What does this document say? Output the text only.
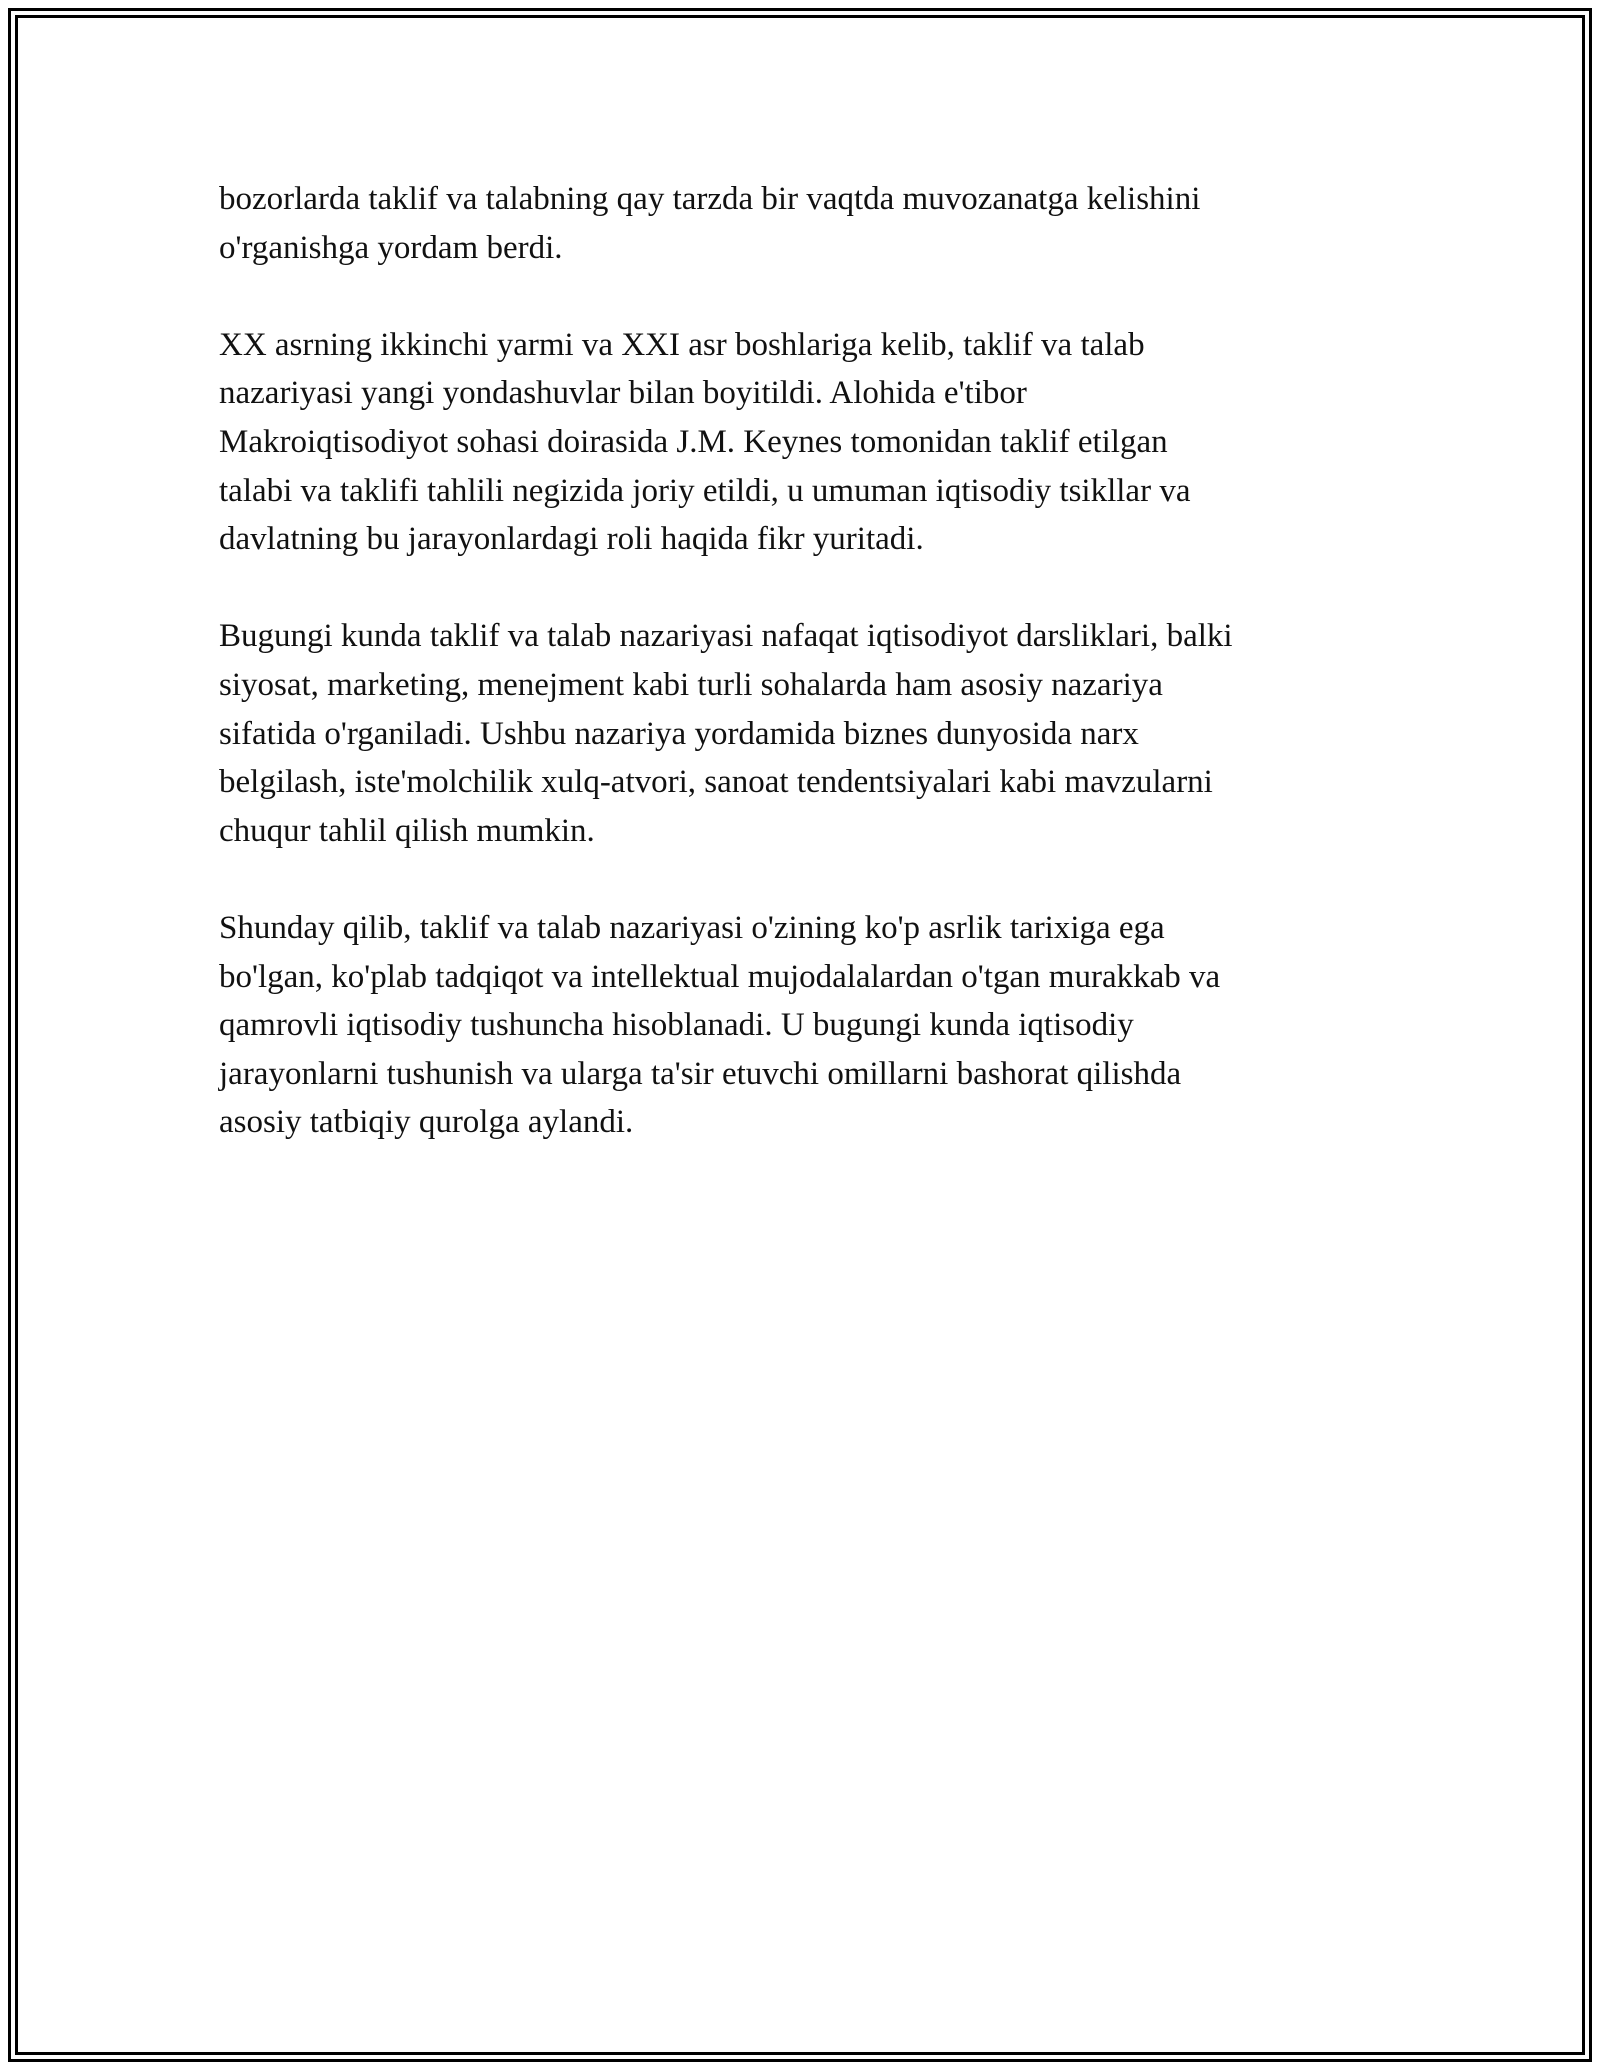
bozorlarda taklif va talabning qay tarzda bir vaqtda muvozanatga kelishini
o'rganishga yordam berdi.

XX asrning ikkinchi yarmi va XXI asr boshlariga kelib, taklif va talab
nazariyasi yangi yondashuvlar bilan boyitildi. Alohida e'tibor
Makroiqtisodiyot sohasi doirasida J.M. Keynes tomonidan taklif etilgan
talabi va taklifi tahlili negizida joriy etildi, u umuman iqtisodiy tsikllar va
davlatning bu jarayonlardagi roli haqida fikr yuritadi.

Bugungi kunda taklif va talab nazariyasi nafaqat iqtisodiyot darsliklari, balki
siyosat, marketing, menejment kabi turli sohalarda ham asosiy nazariya
sifatida o'rganiladi. Ushbu nazariya yordamida biznes dunyosida narx
belgilash, iste'molchilik xulq-atvori, sanoat tendentsiyalari kabi mavzularni
chuqur tahlil qilish mumkin.

Shunday qilib, taklif va talab nazariyasi o'zining ko'p asrlik tarixiga ega
bo'lgan, ko'plab tadqiqot va intellektual mujodalalardan o'tgan murakkab va
qamrovli iqtisodiy tushuncha hisoblanadi. U bugungi kunda iqtisodiy
jarayonlarni tushunish va ularga ta'sir etuvchi omillarni bashorat qilishda
asosiy tatbiqiy qurolga aylandi.
